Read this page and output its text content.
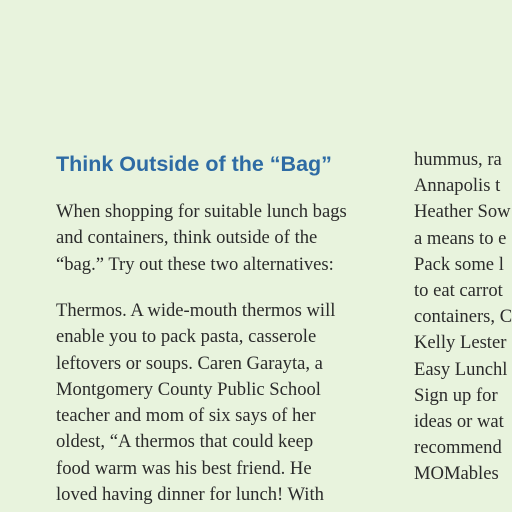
Think Outside of the “Bag”

When shopping for suitable lunch bags
and containers, think outside of the
“bag.” Try out these two alternatives:

Thermos. A wide-mouth thermos will
enable you to pack pasta, casserole
leftovers or soups. Caren Garayta, a
Montgomery County Public School
teacher and mom of six says of her
oldest, “A thermos that could keep
food warm was his best friend. He
loved having dinner for lunch! With

hummus, ra
Annapolis t
Heather Sow
a means to e
Pack some l
to eat carrot
containers, C
Kelly Lester
Easy Lunchl
Sign up for
ideas or wat
recommend
MOMables
